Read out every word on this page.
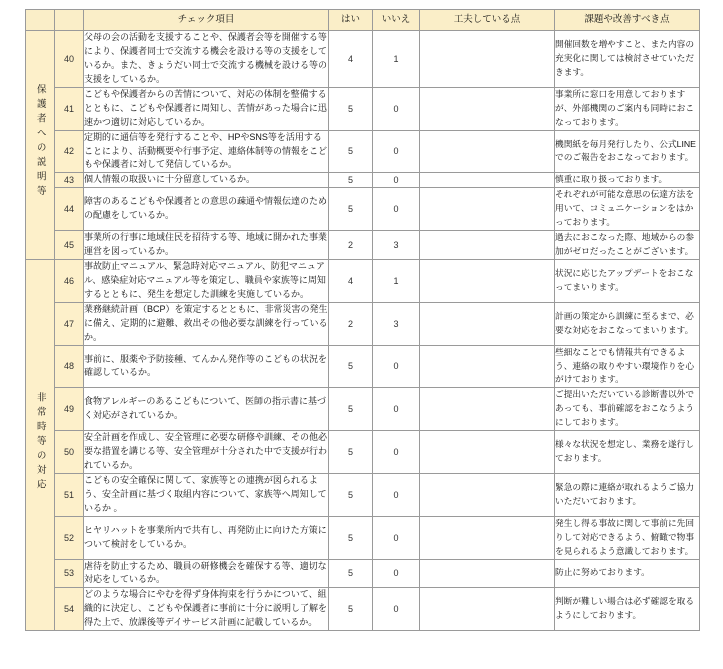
		チェック項目	はい	いいえ	工夫している点	課題や改善すべき点
保護者への説明等	40	父母の会の活動を支援することや、保護者会等を開催する等により、保護者同士で交流する機会を設ける等の支援をしているか。また、きょうだい同士で交流する機械を設ける等の支援をしているか。	4	1		開催回数を増やすこと、また内容の充実化に関しては検討させていただきます。
	41	こどもや保護者からの苦情について、対応の体制を整備するとともに、こどもや保護者に周知し、苦情があった場合に迅速かつ適切に対応しているか。	5	0		事業所に窓口を用意しておりますが、外部機関のご案内も同時におこなっております。
	42	定期的に通信等を発行することや、HPやSNS等を活用することにより、活動概要や行事予定、連絡体制等の情報をこどもや保護者に対して発信しているか。	5	0		機関紙を毎月発行したり、公式LINEでのご報告をおこなっております。
	43	個人情報の取扱いに十分留意しているか。	5	0		慎重に取り扱っております。
	44	障害のあるこどもや保護者との意思の疎通や情報伝達のための配慮をしているか。	5	0		それぞれが可能な意思の伝達方法を用いて、コミュニケーションをはかっております。
	45	事業所の行事に地域住民を招待する等、地域に開かれた事業運営を図っているか。	2	3		過去におこなった際、地域からの参加がゼロだったことがございます。
非常時等の対応	46	事故防止マニュアル、緊急時対応マニュアル、防犯マニュアル、感染症対応マニュアル等を策定し、職員や家族等に周知するとともに、発生を想定した訓練を実施しているか。	4	1		状況に応じたアップデートをおこなってまいります。
	47	業務継続計画（BCP）を策定するとともに、非常災害の発生に備え、定期的に避難、救出その他必要な訓練を行っているか。	2	3		計画の策定から訓練に至るまで、必要な対応をおこなってまいります。
	48	事前に、服薬や予防接種、てんかん発作等のこどもの状況を確認しているか。	5	0		些細なことでも情報共有できるよう、連絡の取りやすい環境作りを心がけております。
	49	食物アレルギーのあるこどもについて、医師の指示書に基づく対応がされているか。	5	0		ご提出いただいている診断書以外であっても、事前確認をおこなうようにしております。
	50	安全計画を作成し、安全管理に必要な研修や訓練、その他必要な措置を講じる等、安全管理が十分された中で支援が行われているか。	5	0		様々な状況を想定し、業務を遂行しております。
	51	こどもの安全確保に関して、家族等との連携が図られるよう、安全計画に基づく取組内容について、家族等へ周知しているか 。	5	0		緊急の際に連絡が取れるようご協力いただいております。
	52	ヒヤリハットを事業所内で共有し、再発防止に向けた方策について検討をしているか。	5	0		発生し得る事故に関して事前に先回りして対応できるよう、俯瞰で物事を見られるよう意識しております。
	53	虐待を防止するため、職員の研修機会を確保する等、適切な対応をしているか。	5	0		防止に努めております。
	54	どのような場合にやむを得ず身体拘束を行うかについて、組織的に決定し、こどもや保護者に事前に十分に説明し了解を得た上で、放課後等デイサービス計画に記載しているか。	5	0		判断が難しい場合は必ず確認を取るようにしております。
